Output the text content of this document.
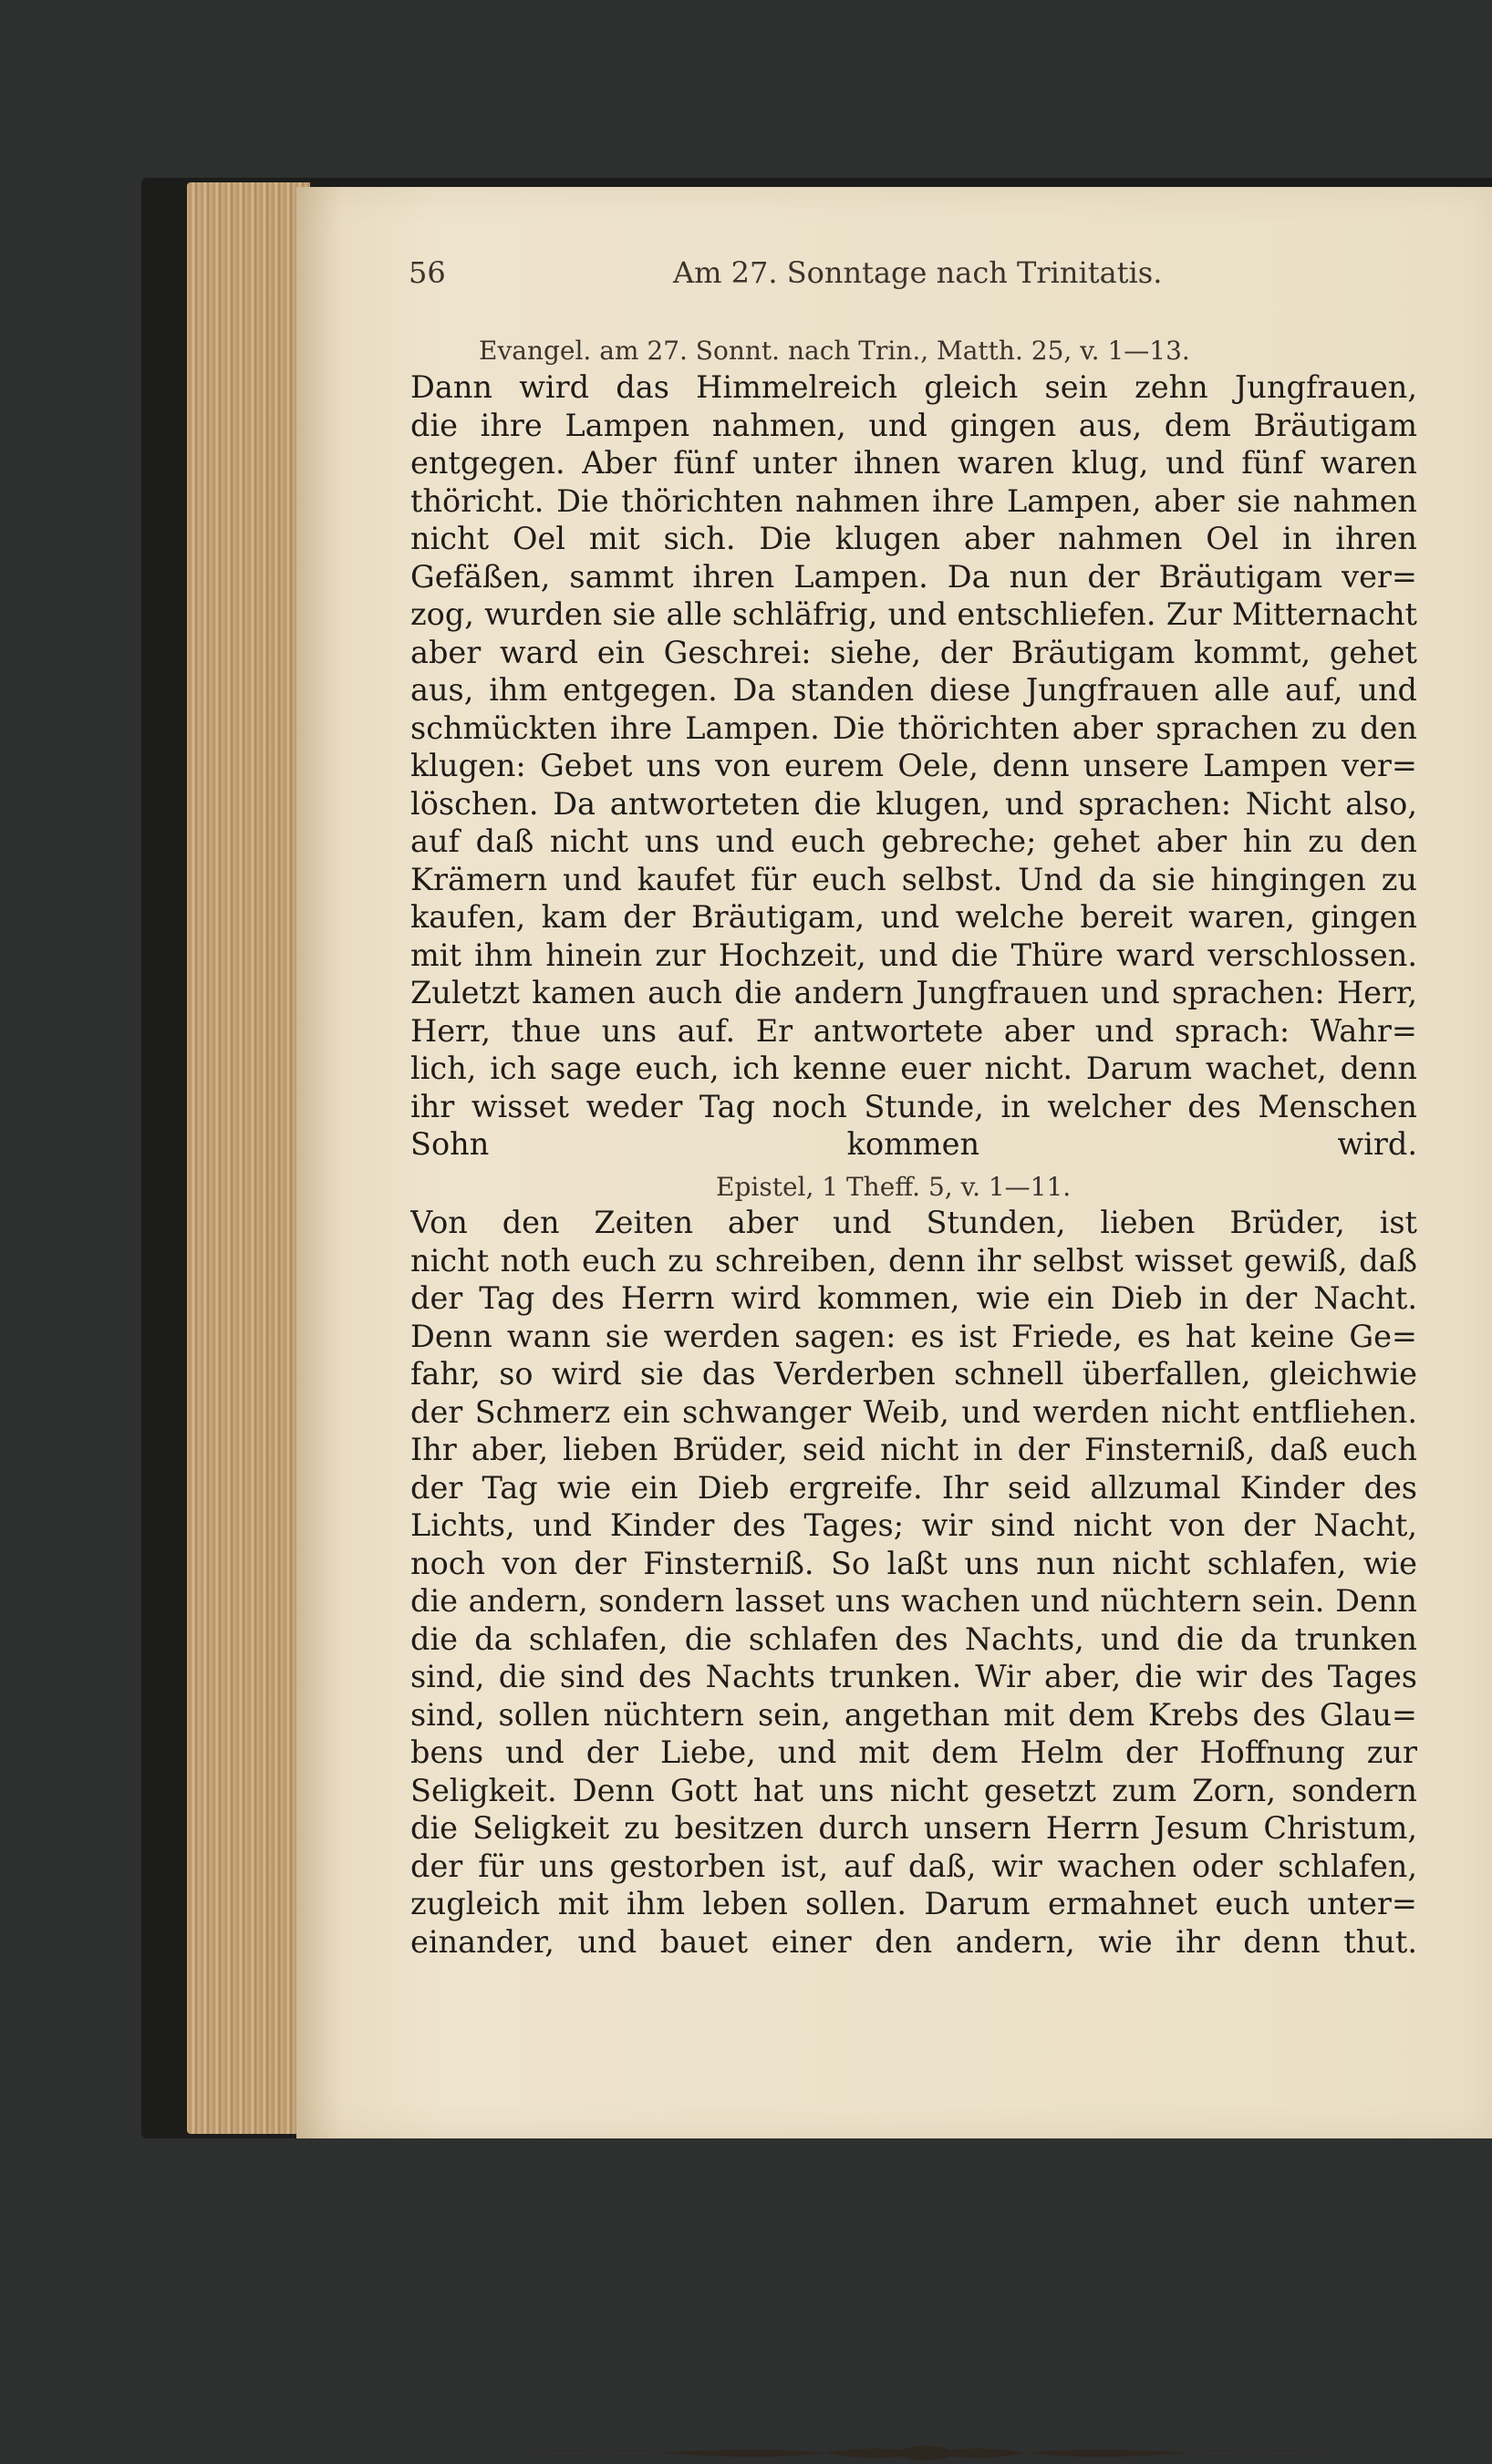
56	Am 27. Sonntage nach Trinitatis.
Evangel. am 27. Sonnt. nach Trin., Matth. 25, v. 1—13.
Dann wird das Himmelreich gleich sein zehn Jungfrauen,
die ihre Lampen nahmen, und gingen aus, dem Bräutigam
entgegen. Aber fünf unter ihnen waren klug, und fünf waren
thöricht. Die thörichten nahmen ihre Lampen, aber sie nahmen
nicht Oel mit sich. Die klugen aber nahmen Oel in ihren
Gefäßen, sammt ihren Lampen. Da nun der Bräutigam ver=
zog, wurden sie alle schläfrig, und entschliefen. Zur Mitternacht
aber ward ein Geschrei: siehe, der Bräutigam kommt, gehet
aus, ihm entgegen. Da standen diese Jungfrauen alle auf, und
schmückten ihre Lampen. Die thörichten aber sprachen zu den
klugen: Gebet uns von eurem Oele, denn unsere Lampen ver=
löschen. Da antworteten die klugen, und sprachen: Nicht also,
auf daß nicht uns und euch gebreche; gehet aber hin zu den
Krämern und kaufet für euch selbst. Und da sie hingingen zu
kaufen, kam der Bräutigam, und welche bereit waren, gingen
mit ihm hinein zur Hochzeit, und die Thüre ward verschlossen.
Zuletzt kamen auch die andern Jungfrauen und sprachen: Herr,
Herr, thue uns auf. Er antwortete aber und sprach: Wahr=
lich, ich sage euch, ich kenne euer nicht. Darum wachet, denn
ihr wisset weder Tag noch Stunde, in welcher des Menschen
Sohn kommen wird.
Epistel, 1 Theff. 5, v. 1—11.
Von den Zeiten aber und Stunden, lieben Brüder, ist
nicht noth euch zu schreiben, denn ihr selbst wisset gewiß, daß
der Tag des Herrn wird kommen, wie ein Dieb in der Nacht.
Denn wann sie werden sagen: es ist Friede, es hat keine Ge=
fahr, so wird sie das Verderben schnell überfallen, gleichwie
der Schmerz ein schwanger Weib, und werden nicht entfliehen.
Ihr aber, lieben Brüder, seid nicht in der Finsterniß, daß euch
der Tag wie ein Dieb ergreife. Ihr seid allzumal Kinder des
Lichts, und Kinder des Tages; wir sind nicht von der Nacht,
noch von der Finsterniß. So laßt uns nun nicht schlafen, wie
die andern, sondern lasset uns wachen und nüchtern sein. Denn
die da schlafen, die schlafen des Nachts, und die da trunken
sind, die sind des Nachts trunken. Wir aber, die wir des Tages
sind, sollen nüchtern sein, angethan mit dem Krebs des Glau=
bens und der Liebe, und mit dem Helm der Hoffnung zur
Seligkeit. Denn Gott hat uns nicht gesetzt zum Zorn, sondern
die Seligkeit zu besitzen durch unsern Herrn Jesum Christum,
der für uns gestorben ist, auf daß, wir wachen oder schlafen,
zugleich mit ihm leben sollen. Darum ermahnet euch unter=
einander, und bauet einer den andern, wie ihr denn thut.
